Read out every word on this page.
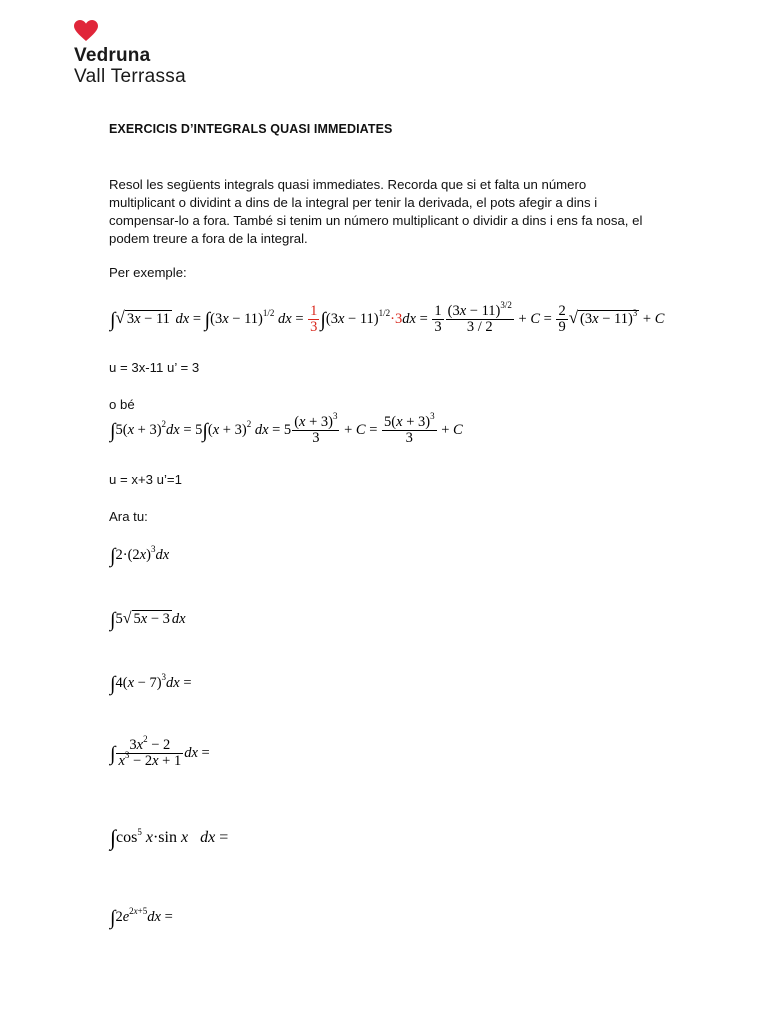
Vedruna
Vall Terrassa
EXERCICIS D’INTEGRALS QUASI IMMEDIATES
Resol les següents integrals quasi immediates. Recorda que si et falta un número multiplicant o dividint a dins de la integral per tenir la derivada, el pots afegir a dins i compensar-lo a fora. També si tenim un número multiplicant o dividir a dins i ens fa nosa, el podem treure a fora de la integral.
Per exemple:
∫√ 3x − 11 dx = $\int(3x - 11)^{1/2}$ dx = $\frac{1}{3} \int(3x - 11)^{1/2}\cdot 3dx = \frac{1}{3} \frac{(3x - 11)^{3/2}}{3 / 2} + C = \frac{2}{9}$ √ $(3x - 11)^3 + C$
u = 3x-11 u’ = 3
o bé
$\int 5(x + 3)^2dx = 5\int(x + 3)^2$ dx = $5 \frac{(x + 3)^3}{3} + C = \frac{5(x + 3)^3}{3} + C$
u = x+3 u’=1
Ara tu:
$\int 2\cdot(2x)^3dx$
∫5√ 5x − 3 dx
$\int 4(x - 7)^3dx$ =
∫ $\frac{3x^2 - 2}{x^3 - 2x + 1}$ dx =
$\int\cos^5$ x·sin x dx =
$\int 2e^{2x+5}dx$ =
